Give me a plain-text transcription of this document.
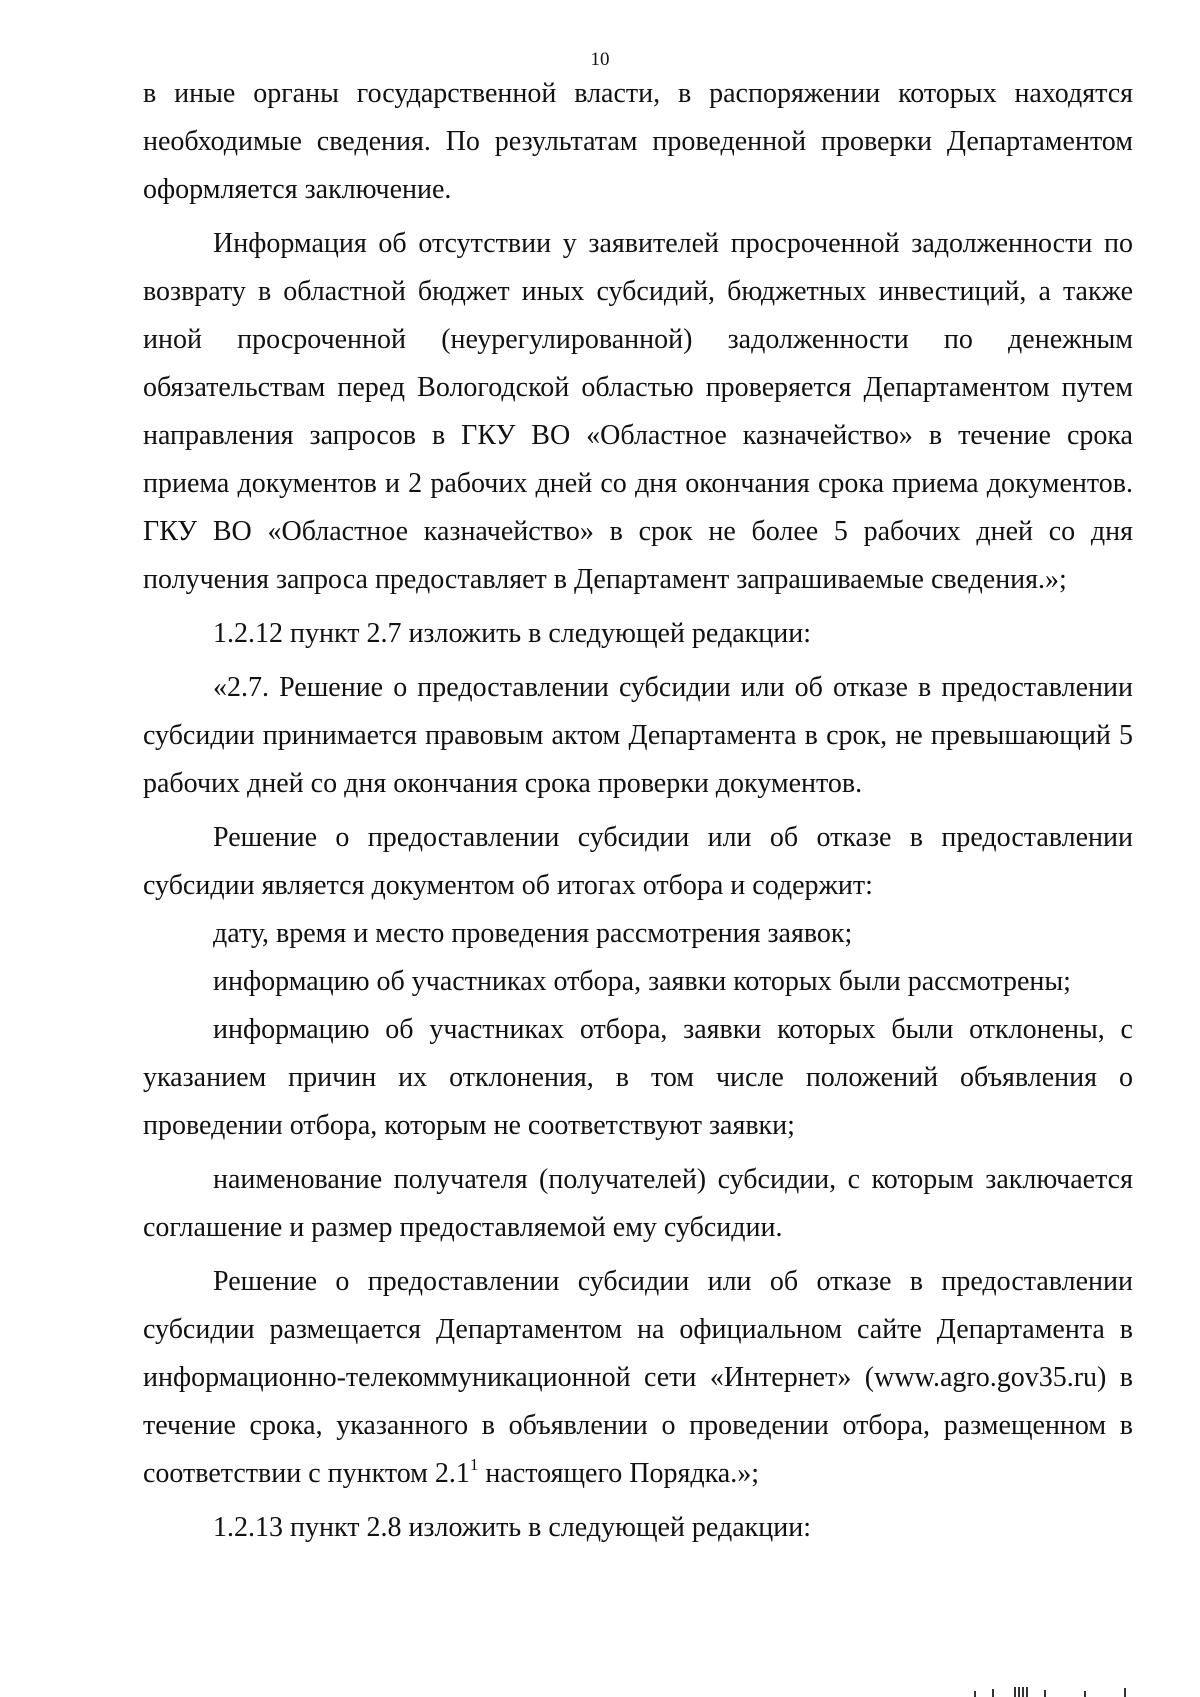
10

в иные органы государственной власти, в распоряжении которых находятся необходимые сведения. По результатам проведенной проверки Департаментом оформляется заключение.

Информация об отсутствии у заявителей просроченной задолженности по возврату в областной бюджет иных субсидий, бюджетных инвестиций, а также иной просроченной (неурегулированной) задолженности по денежным обязательствам перед Вологодской областью проверяется Департаментом путем направления запросов в ГКУ ВО «Областное казначейство» в течение срока приема документов и 2 рабочих дней со дня окончания срока приема документов. ГКУ ВО «Областное казначейство» в срок не более 5 рабочих дней со дня получения запроса предоставляет в Департамент запрашиваемые сведения.»;

1.2.12 пункт 2.7 изложить в следующей редакции:

«2.7. Решение о предоставлении субсидии или об отказе в предоставлении субсидии принимается правовым актом Департамента в срок, не превышающий 5 рабочих дней со дня окончания срока проверки документов.

Решение о предоставлении субсидии или об отказе в предоставлении субсидии является документом об итогах отбора и содержит:

дату, время и место проведения рассмотрения заявок;

информацию об участниках отбора, заявки которых были рассмотрены;

информацию об участниках отбора, заявки которых были отклонены, с указанием причин их отклонения, в том числе положений объявления о проведении отбора, которым не соответствуют заявки;

наименование получателя (получателей) субсидии, с которым заключается соглашение и размер предоставляемой ему субсидии.

Решение о предоставлении субсидии или об отказе в предоставлении субсидии размещается Департаментом на официальном сайте Департамента в информационно-телекоммуникационной сети «Интернет» (www.agro.gov35.ru) в течение срока, указанного в объявлении о проведении отбора, размещенном в соответствии с пунктом 2.1$^1$ настоящего Порядка.»;

1.2.13 пункт 2.8 изложить в следующей редакции:
